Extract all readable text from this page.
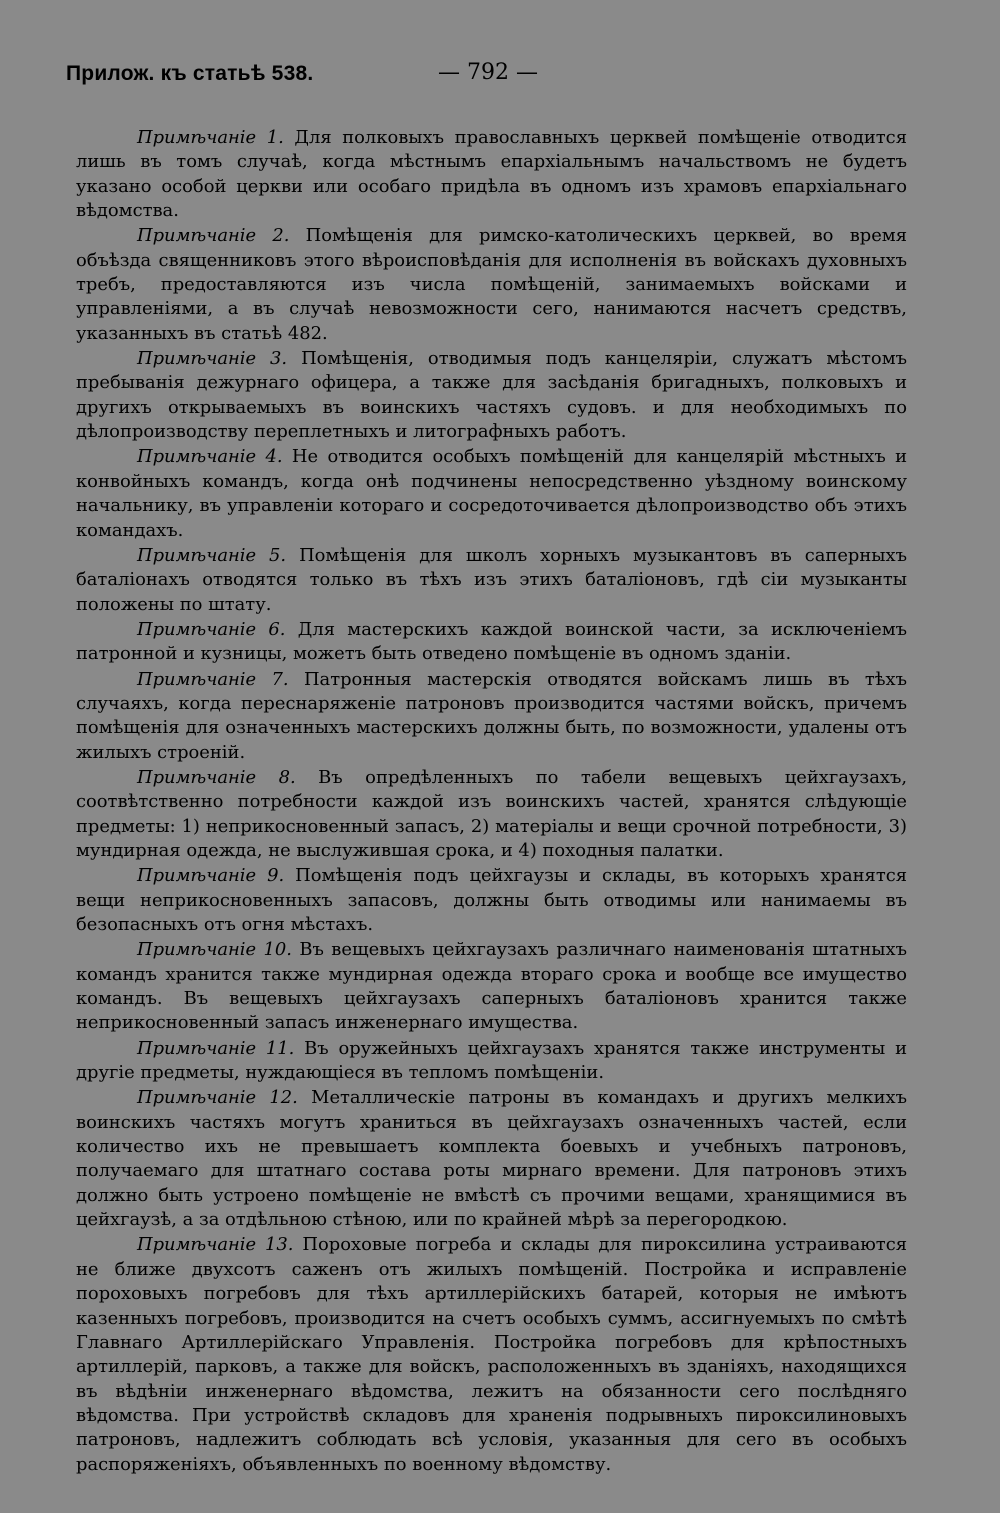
Прилож. къ статьѣ 538.	— 792 —

Примѣчаніе 1. Для полковыхъ православныхъ церквей помѣщеніе отводится лишь въ томъ случаѣ, когда мѣстнымъ епархіальнымъ начальствомъ не будетъ указано особой церкви или особаго придѣла въ одномъ изъ храмовъ епархіальнаго вѣдомства.

Примѣчаніе 2. Помѣщенія для римско-католическихъ церквей, во время объѣзда священниковъ этого вѣроисповѣданія для исполненія въ войскахъ духовныхъ требъ, предоставляются изъ числа помѣщеній, занимаемыхъ войсками и управленіями, а въ случаѣ невозможности сего, нанимаются насчетъ средствъ, указанныхъ въ статьѣ 482.

Примѣчаніе 3. Помѣщенія, отводимыя подъ канцеляріи, служатъ мѣстомъ пребыванія дежурнаго офицера, а также для засѣданія бригадныхъ, полковыхъ и другихъ открываемыхъ въ воинскихъ частяхъ судовъ. и для необходимыхъ по дѣлопроизводству переплетныхъ и литографныхъ работъ.

Примѣчаніе 4. Не отводится особыхъ помѣщеній для канцелярій мѣстныхъ и конвойныхъ командъ, когда онѣ подчинены непосредственно уѣздному воинскому начальнику, въ управленіи котораго и сосредоточивается дѣлопроизводство объ этихъ командахъ.

Примѣчаніе 5. Помѣщенія для школъ хорныхъ музыкантовъ въ саперныхъ баталіонахъ отводятся только въ тѣхъ изъ этихъ баталіоновъ, гдѣ сіи музыканты положены по штату.

Примѣчаніе 6. Для мастерскихъ каждой воинской части, за исключеніемъ патронной и кузницы, можетъ быть отведено помѣщеніе въ одномъ зданіи.

Примѣчаніе 7. Патронныя мастерскія отводятся войскамъ лишь въ тѣхъ случаяхъ, когда переснаряженіе патроновъ производится частями войскъ, причемъ помѣщенія для означенныхъ мастерскихъ должны быть, по возможности, удалены отъ жилыхъ строеній.

Примѣчаніе 8. Въ опредѣленныхъ по табели вещевыхъ цейхгаузахъ, соотвѣтственно потребности каждой изъ воинскихъ частей, хранятся слѣдующіе предметы: 1) неприкосновенный запасъ, 2) матеріалы и вещи срочной потребности, 3) мундирная одежда, не выслужившая срока, и 4) походныя палатки.

Примѣчаніе 9. Помѣщенія подъ цейхгаузы и склады, въ которыхъ хранятся вещи неприкосновенныхъ запасовъ, должны быть отводимы или нанимаемы въ безопасныхъ отъ огня мѣстахъ.

Примѣчаніе 10. Въ вещевыхъ цейхгаузахъ различнаго наименованія штатныхъ командъ хранится также мундирная одежда втораго срока и вообще все имущество командъ. Въ вещевыхъ цейхгаузахъ саперныхъ баталіоновъ хранится также неприкосновенный запасъ инженернаго имущества.

Примѣчаніе 11. Въ оружейныхъ цейхгаузахъ хранятся также инструменты и другіе предметы, нуждающіеся въ тепломъ помѣщеніи.

Примѣчаніе 12. Металлическіе патроны въ командахъ и другихъ мелкихъ воинскихъ частяхъ могутъ храниться въ цейхгаузахъ означенныхъ частей, если количество ихъ не превышаетъ комплекта боевыхъ и учебныхъ патроновъ, получаемаго для штатнаго состава роты мирнаго времени. Для патроновъ этихъ должно быть устроено помѣщеніе не вмѣстѣ съ прочими вещами, хранящимися въ цейхгаузѣ, а за отдѣльною стѣною, или по крайней мѣрѣ за перегородкою.

Примѣчаніе 13. Пороховые погреба и склады для пироксилина устраиваются не ближе двухсотъ саженъ отъ жилыхъ помѣщеній. Постройка и исправленіе пороховыхъ погребовъ для тѣхъ артиллерійскихъ батарей, которыя не имѣютъ казенныхъ погребовъ, производится на счетъ особыхъ суммъ, ассигнуемыхъ по смѣтѣ Главнаго Артиллерійскаго Управленія. Постройка погребовъ для крѣпостныхъ артиллерій, парковъ, а также для войскъ, расположенныхъ въ зданіяхъ, находящихся въ вѣдѣніи инженернаго вѣдомства, лежитъ на обязанности сего послѣдняго вѣдомства. При устройствѣ складовъ для храненія подрывныхъ пироксилиновыхъ патроновъ, надлежитъ соблюдать всѣ условія, указанныя для сего въ особыхъ распоряженіяхъ, объявленныхъ по военному вѣдомству.
